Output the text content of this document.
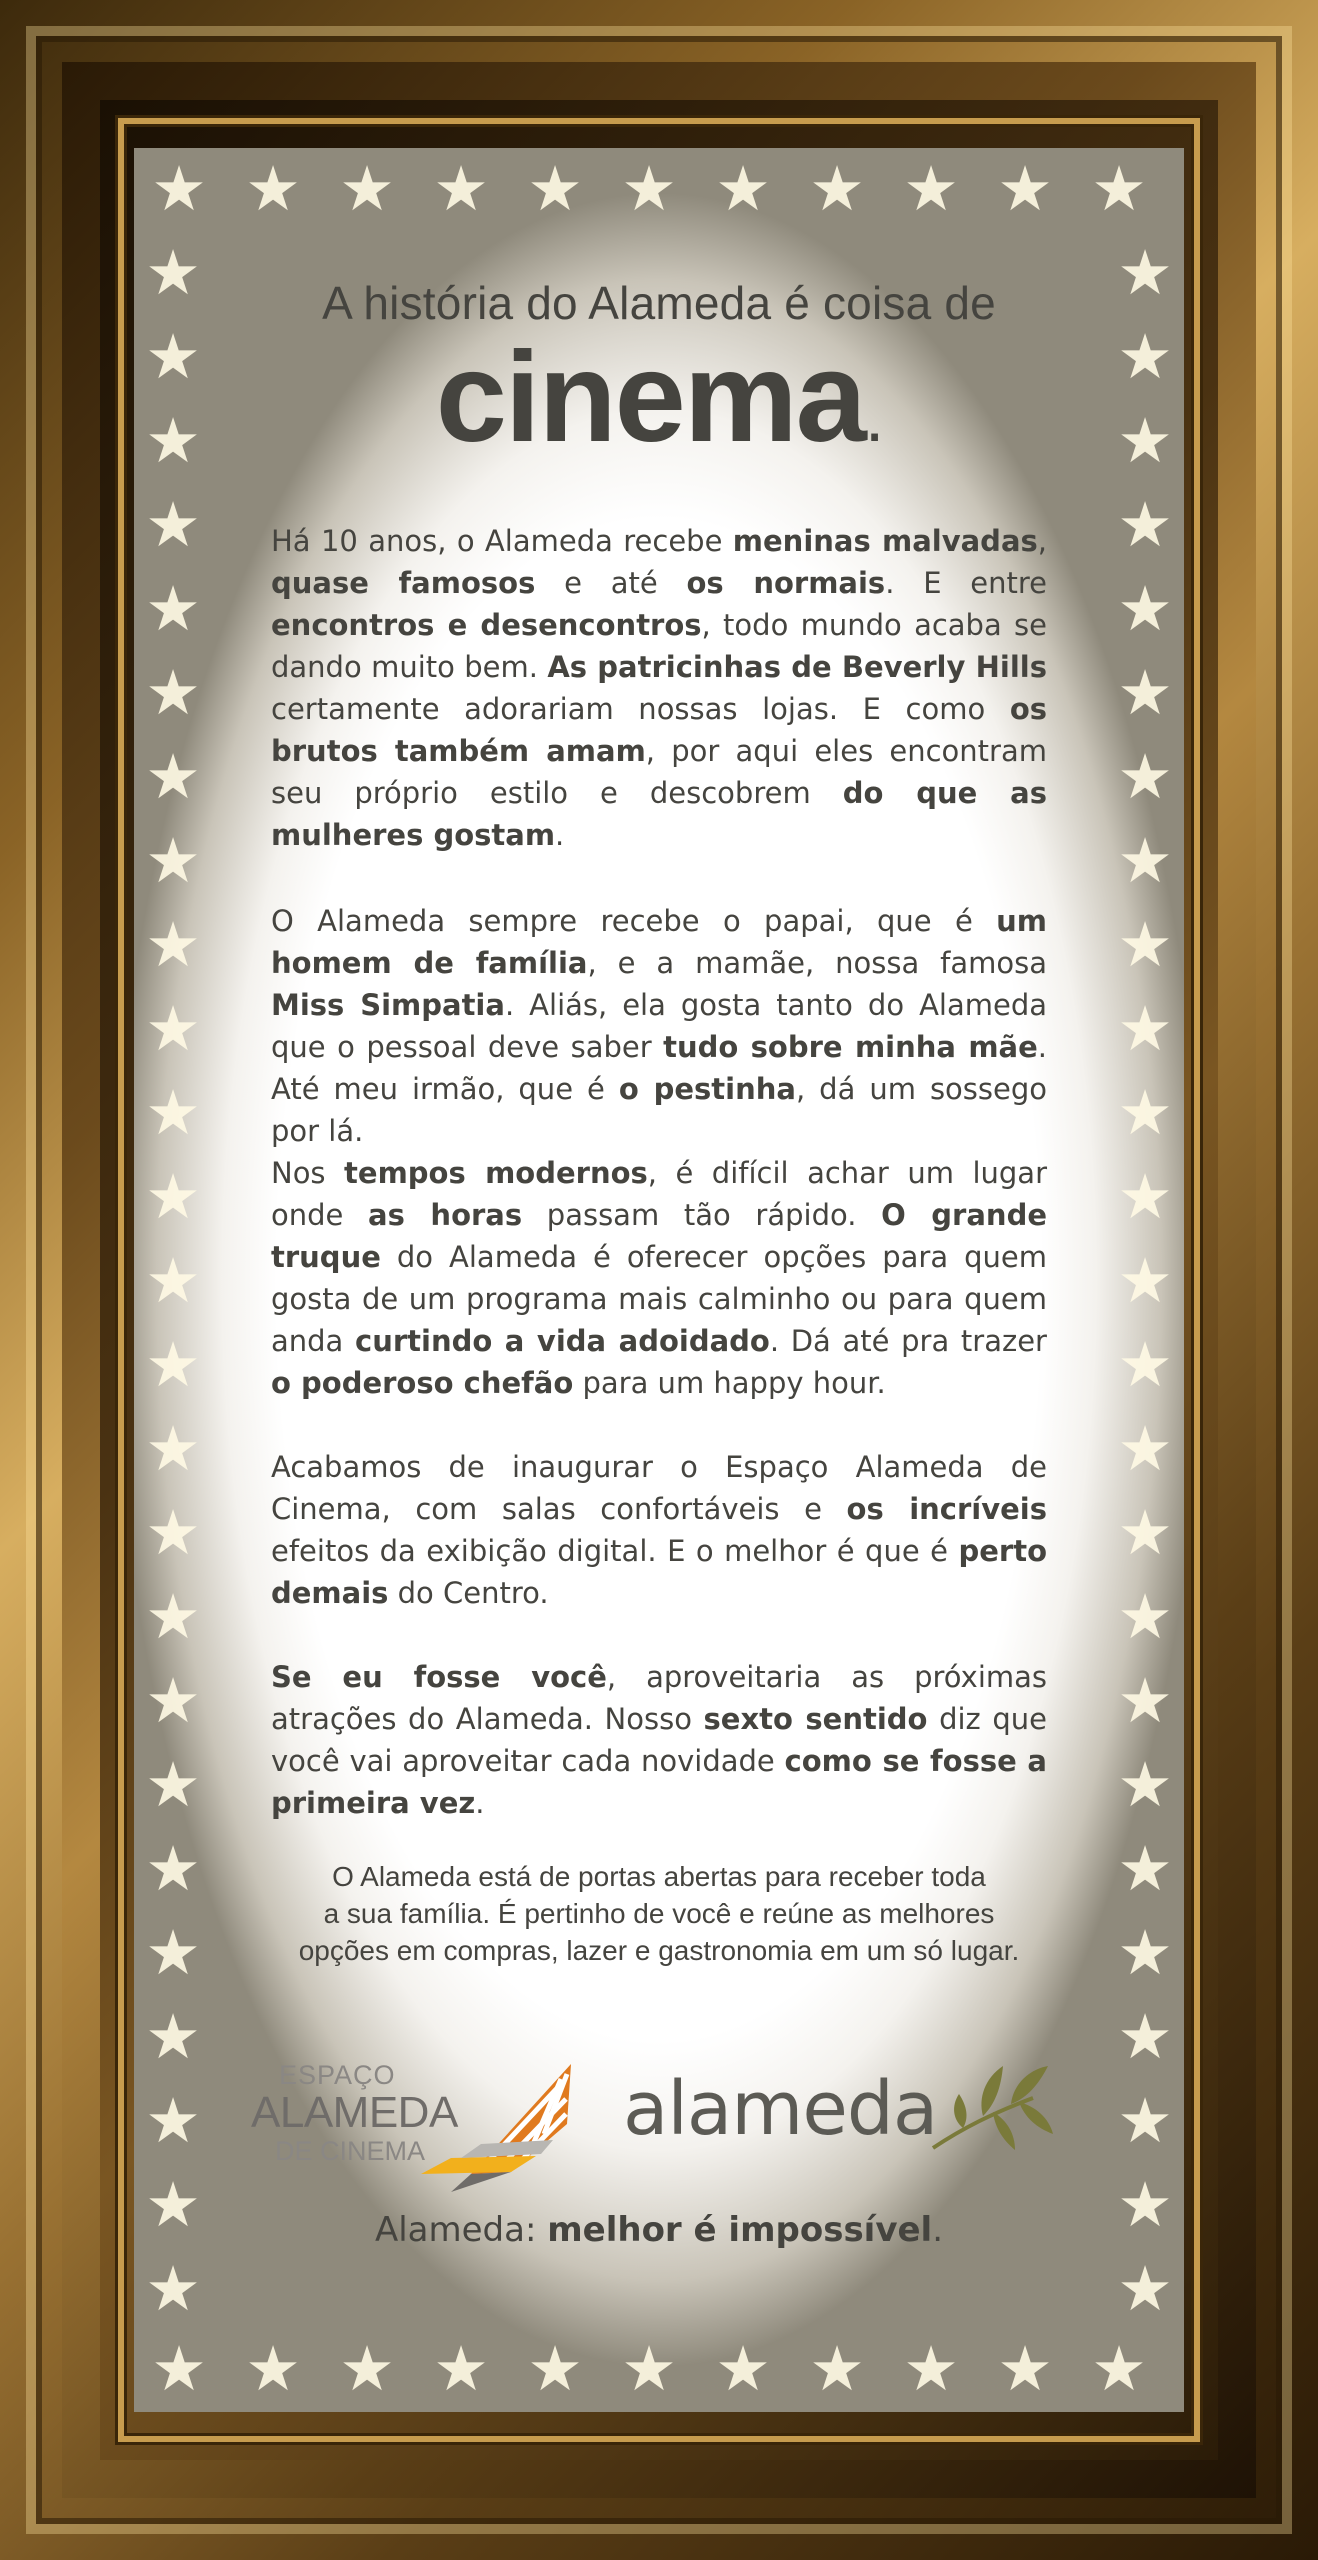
★
★
★
★
★
★
★
★
★
★
★
★
★
★
★
★
★
★
★
★
★
★
★	★
★	★
★	★
★	★
★	★
★	★
★	★
★	★
★	★
★	★
★	★
★	★
★	★
★	★
★	★
★	★
★	★
★	★
★	★
★	★
★	★
★	★
★	★
★	★
★	★
A história do Alameda é coisa de
cinema.
Há 10 anos, o Alameda recebe meninas malvadas, quase famosos e até os normais. E entre encontros e desencontros, todo mundo acaba se dando muito bem. As patricinhas de Beverly Hills certamente adorariam nossas lojas. E como os brutos também amam, por aqui eles encontram seu próprio estilo e descobrem do que as mulheres gostam.
O Alameda sempre recebe o papai, que é um homem de família, e a mamãe, nossa famosa Miss Simpatia. Aliás, ela gosta tanto do Alameda que o pessoal deve saber tudo sobre minha mãe. Até meu irmão, que é o pestinha, dá um sossego por lá.
Nos tempos modernos, é difícil achar um lugar onde as horas passam tão rápido. O grande truque do Alameda é oferecer opções para quem gosta de um programa mais calminho ou para quem anda curtindo a vida adoidado. Dá até pra trazer o poderoso chefão para um happy hour.
Acabamos de inaugurar o Espaço Alameda de Cinema, com salas confortáveis e os incríveis efeitos da exibição digital. E o melhor é que é perto demais do Centro.
Se eu fosse você, aproveitaria as próximas atrações do Alameda. Nosso sexto sentido diz que você vai aproveitar cada novidade como se fosse a primeira vez.
O Alameda está de portas abertas para receber toda
a sua família. É pertinho de você e reúne as melhores
opções em compras, lazer e gastronomia em um só lugar.
ESPAÇO
ALAMEDA
DE CINEMA	alameda
Alameda: melhor é impossível.
